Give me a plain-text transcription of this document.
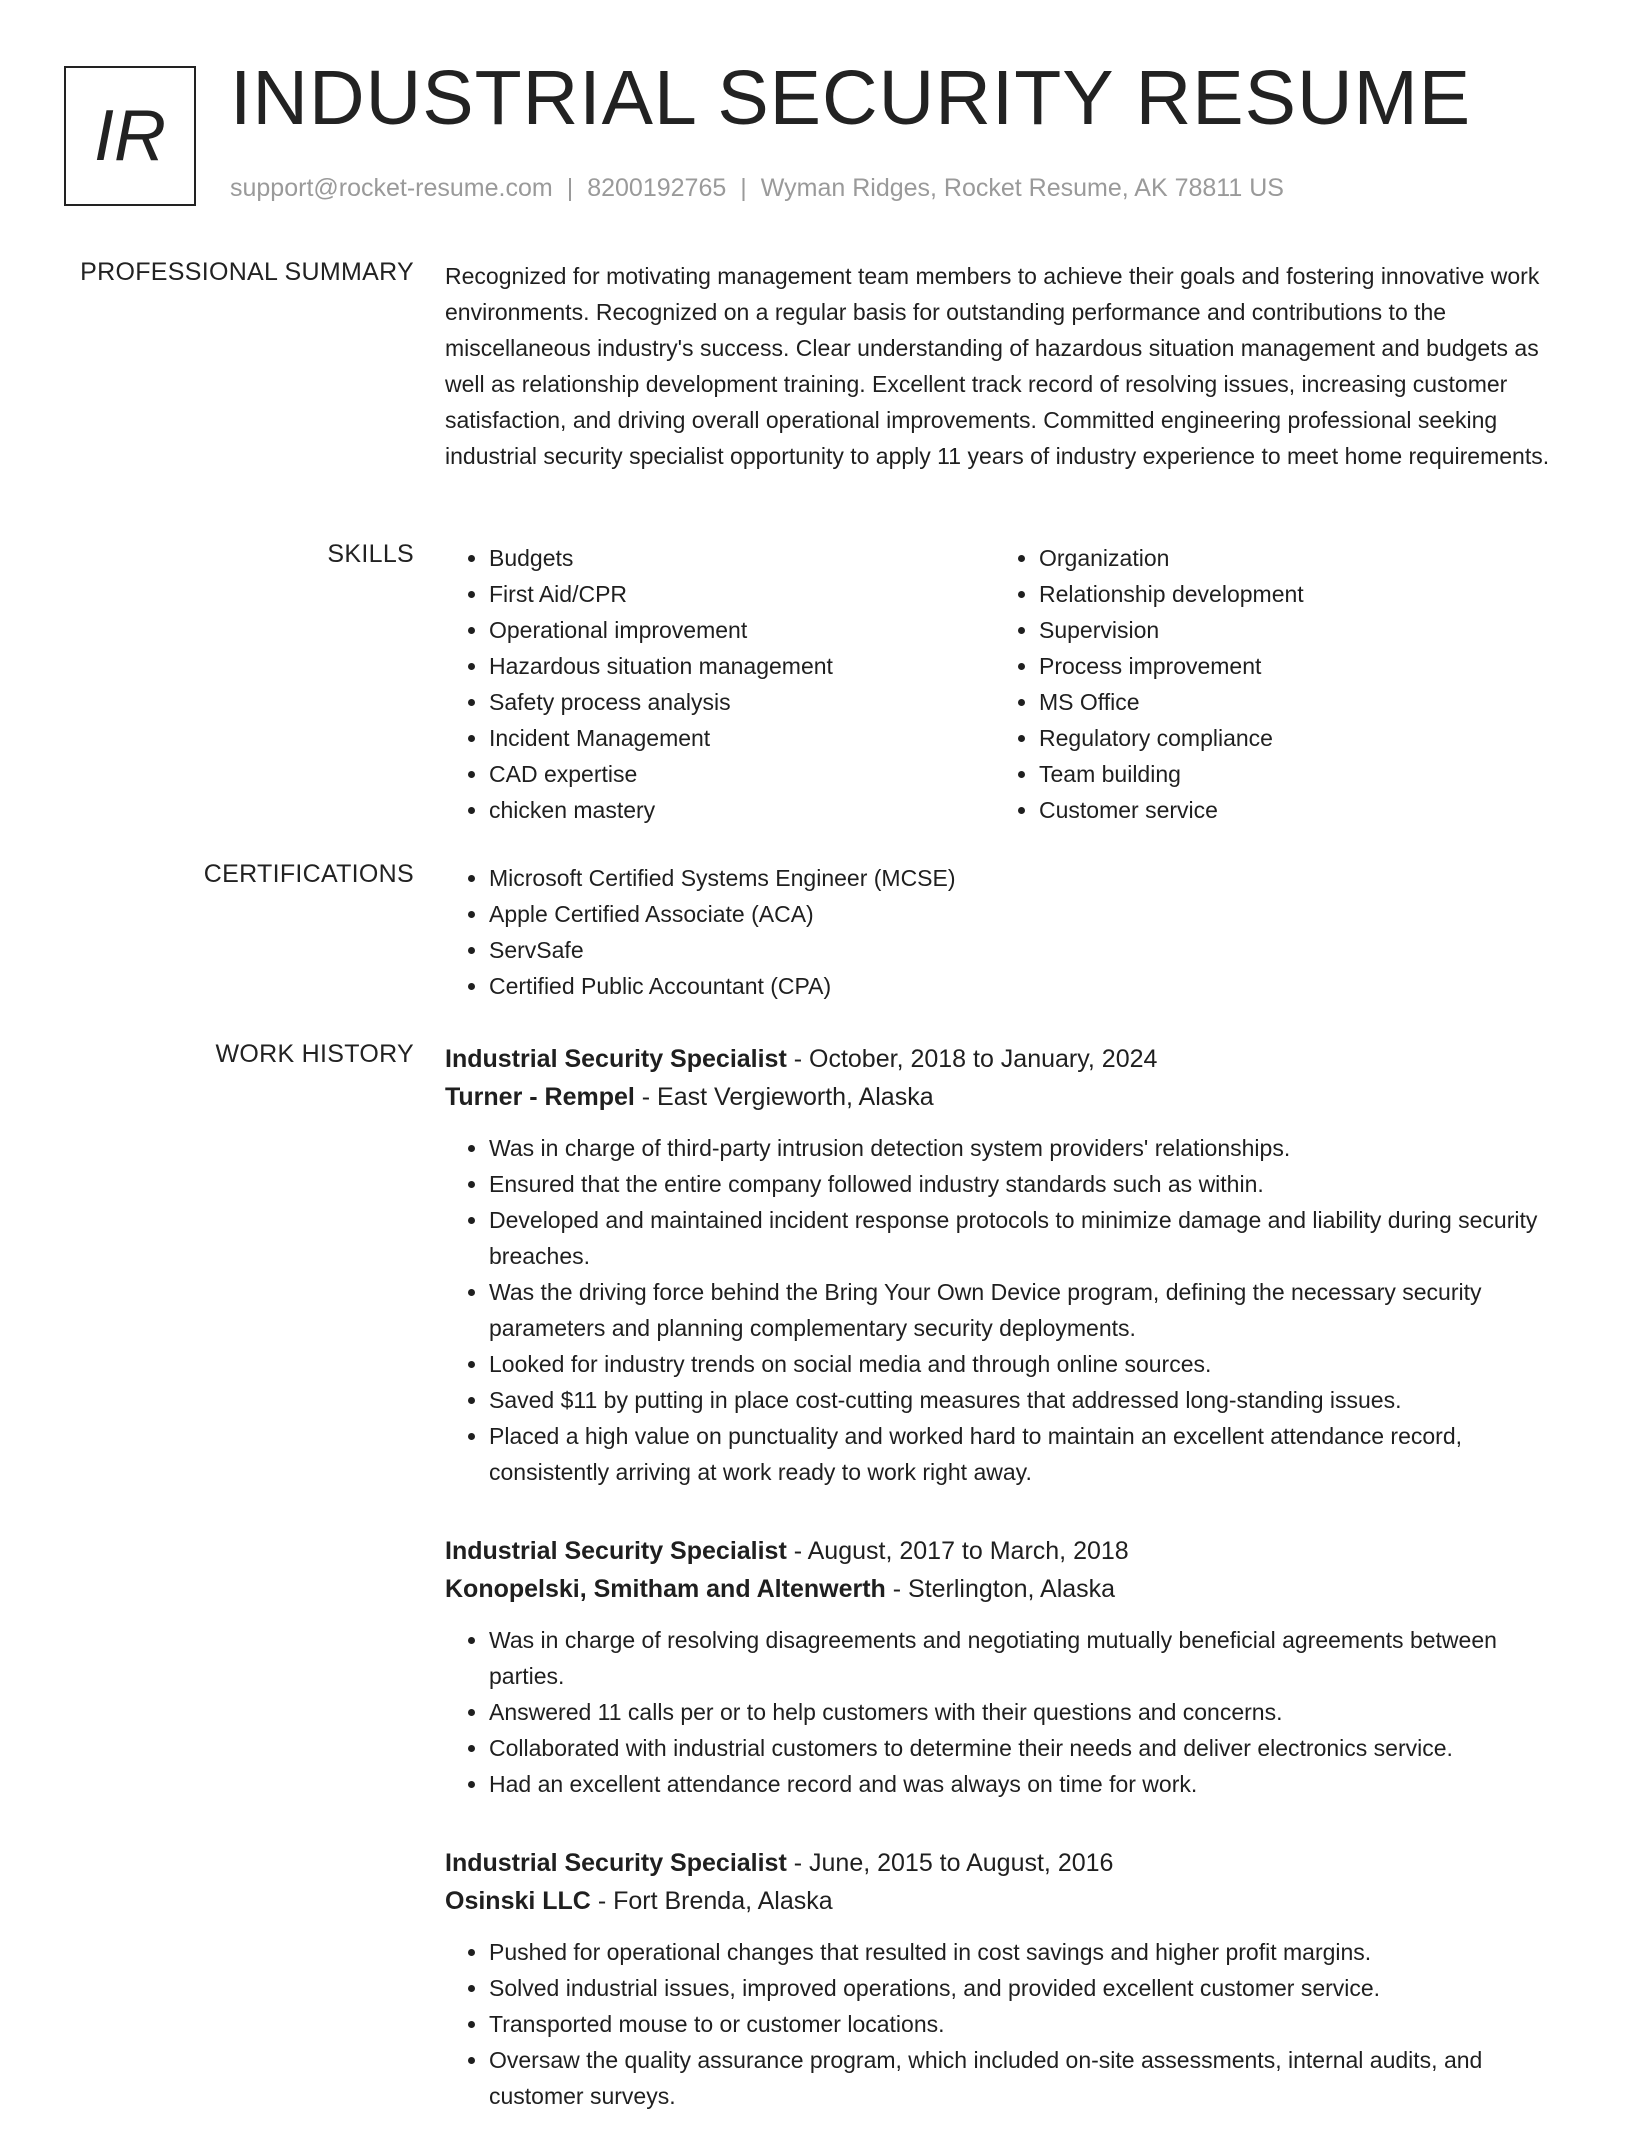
IR INDUSTRIAL SECURITY RESUME
support@rocket-resume.com | 8200192765 | Wyman Ridges, Rocket Resume, AK 78811 US
PROFESSIONAL SUMMARY Recognized for motivating management team members to achieve their goals and fostering innovative work environments. Recognized on a regular basis for outstanding performance and contributions to the miscellaneous industry's success. Clear understanding of hazardous situation management and budgets as well as relationship development training. Excellent track record of resolving issues, increasing customer satisfaction, and driving overall operational improvements. Committed engineering professional seeking industrial security specialist opportunity to apply 11 years of industry experience to meet home requirements.
SKILLS	• Budgets
• First Aid/CPR
• Operational improvement
• Hazardous situation management
• Safety process analysis
• Incident Management
• CAD expertise
• chicken mastery
• Organization
• Relationship development
• Supervision
• Process improvement
• MS Office
• Regulatory compliance
• Team building
• Customer service
CERTIFICATIONS	• Microsoft Certified Systems Engineer (MCSE)
• Apple Certified Associate (ACA)
• ServSafe
• Certified Public Accountant (CPA)
WORK HISTORY Industrial Security Specialist - October, 2018 to January, 2024
Turner - Rempel - East Vergieworth, Alaska
• Was in charge of third-party intrusion detection system providers' relationships.
• Ensured that the entire company followed industry standards such as within.
• Developed and maintained incident response protocols to minimize damage and liability during security breaches.
• Was the driving force behind the Bring Your Own Device program, defining the necessary security parameters and planning complementary security deployments.
• Looked for industry trends on social media and through online sources.
• Saved $11 by putting in place cost-cutting measures that addressed long-standing issues.
• Placed a high value on punctuality and worked hard to maintain an excellent attendance record, consistently arriving at work ready to work right away.
Industrial Security Specialist - August, 2017 to March, 2018
Konopelski, Smitham and Altenwerth - Sterlington, Alaska
• Was in charge of resolving disagreements and negotiating mutually beneficial agreements between parties.
• Answered 11 calls per or to help customers with their questions and concerns.
• Collaborated with industrial customers to determine their needs and deliver electronics service.
• Had an excellent attendance record and was always on time for work.
Industrial Security Specialist - June, 2015 to August, 2016
Osinski LLC - Fort Brenda, Alaska
• Pushed for operational changes that resulted in cost savings and higher profit margins.
• Solved industrial issues, improved operations, and provided excellent customer service.
• Transported mouse to or customer locations.
• Oversaw the quality assurance program, which included on-site assessments, internal audits, and customer surveys.
